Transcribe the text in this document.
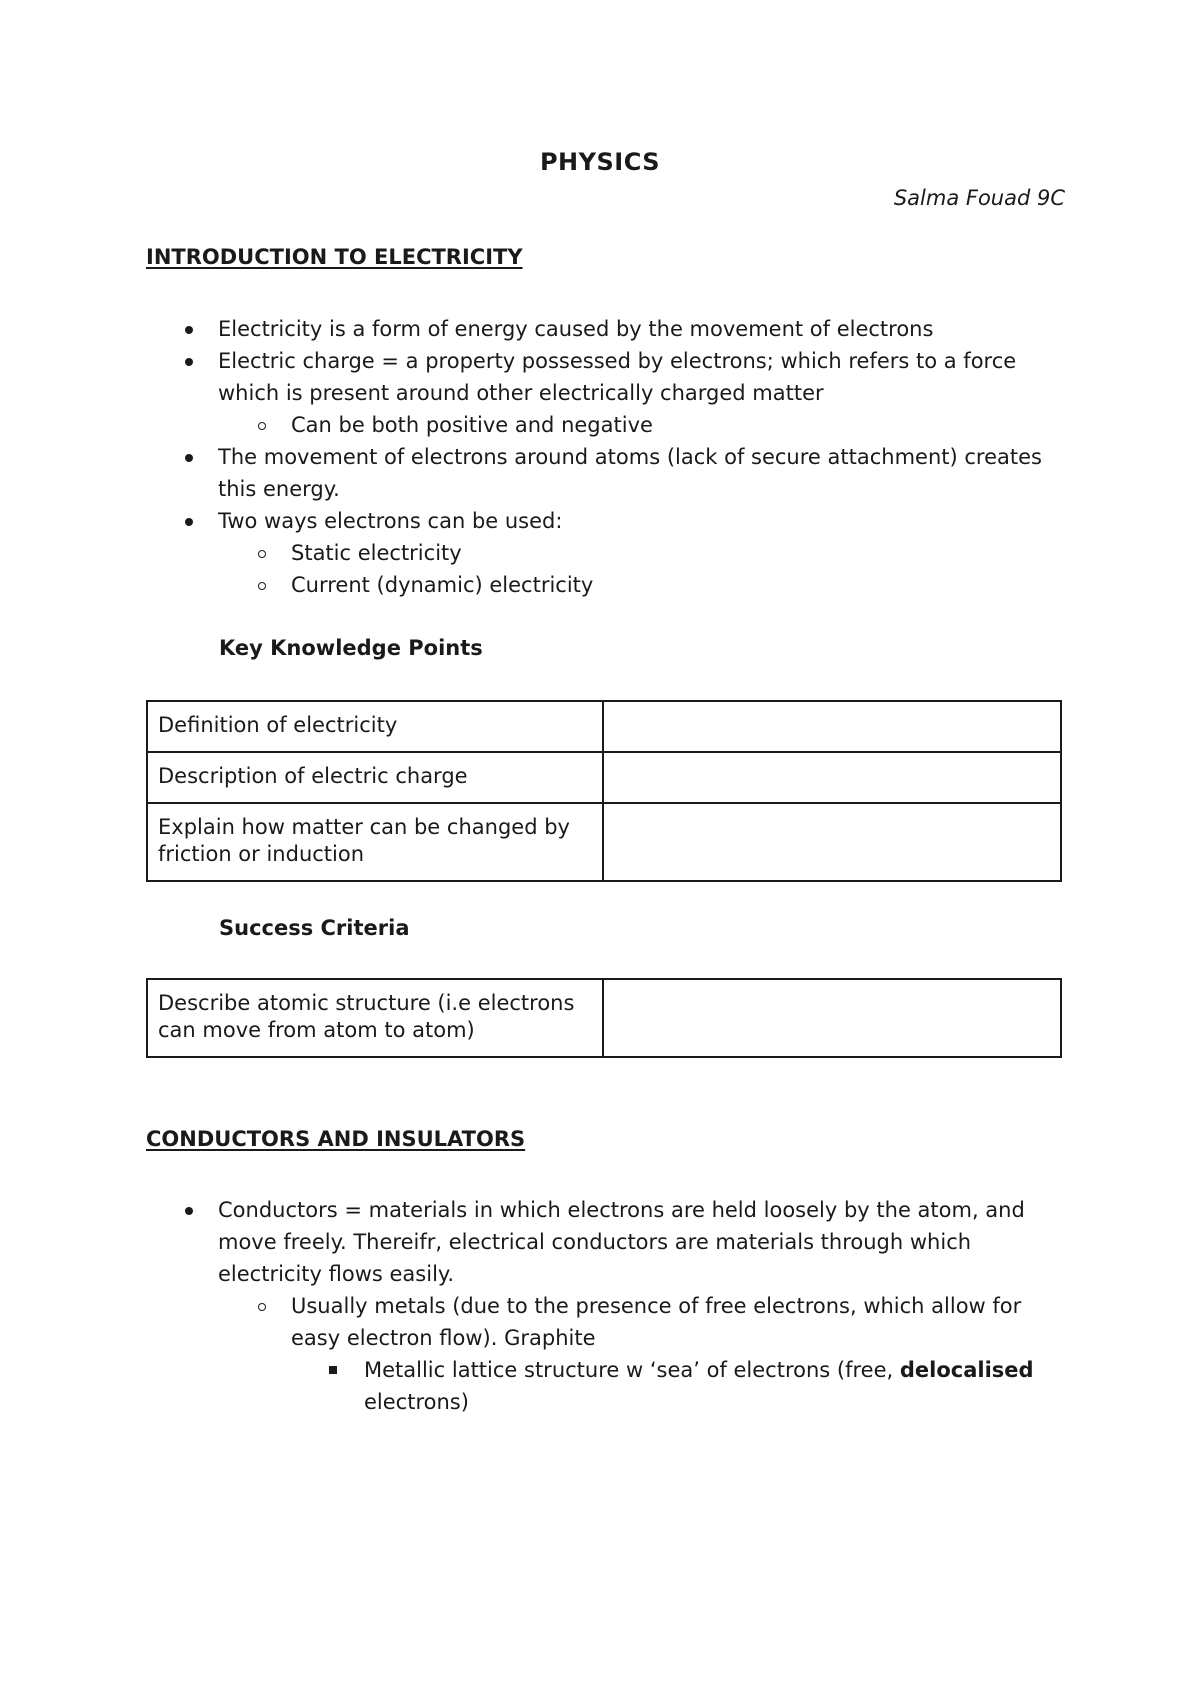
PHYSICS
Salma Fouad 9C
INTRODUCTION TO ELECTRICITY
Electricity is a form of energy caused by the movement of electrons
Electric charge = a property possessed by electrons; which refers to a force which is present around other electrically charged matter
Can be both positive and negative
The movement of electrons around atoms (lack of secure attachment) creates this energy.
Two ways electrons can be used:
Static electricity
Current (dynamic) electricity
Key Knowledge Points
Definition of electricity	
Description of electric charge	
Explain how matter can be changed by friction or induction	
Success Criteria
Describe atomic structure (i.e electrons can move from atom to atom)	
CONDUCTORS AND INSULATORS
Conductors = materials in which electrons are held loosely by the atom, and move freely. Thereifr, electrical conductors are materials through which electricity flows easily.
Usually metals (due to the presence of free electrons, which allow for easy electron flow). Graphite
Metallic lattice structure w ‘sea’ of electrons (free, delocalised electrons)
